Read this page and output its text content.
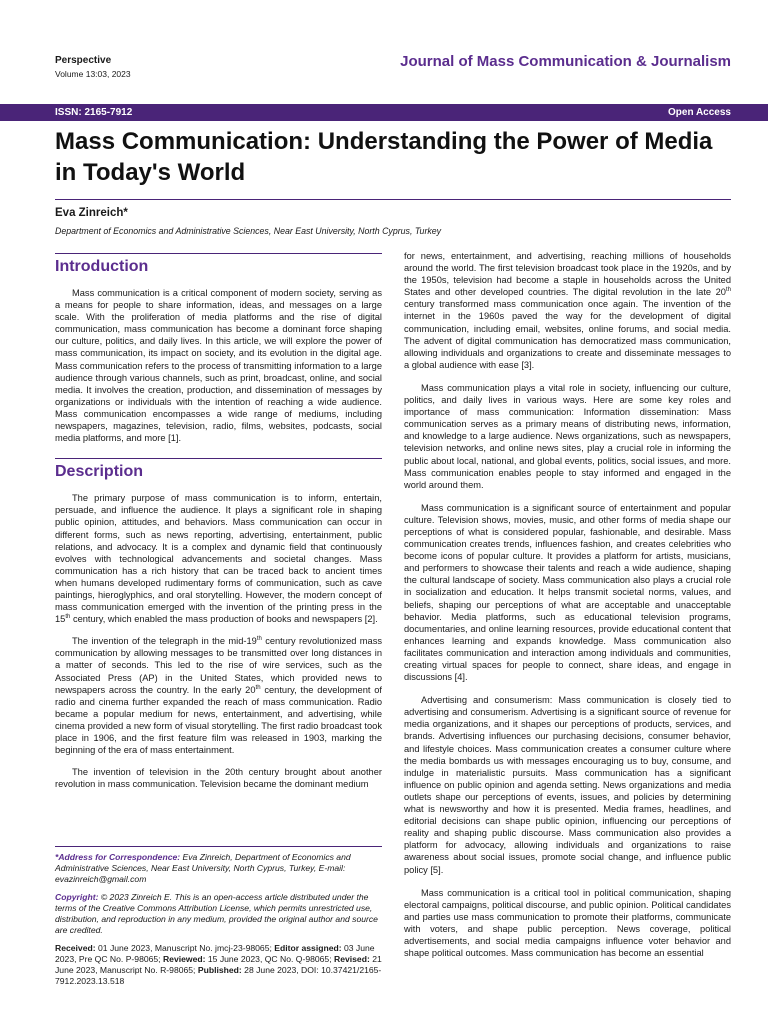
Perspective

Volume 13:03, 2023

Journal of Mass Communication & Journalism
ISSN: 2165-7912	Open Access
Mass Communication: Understanding the Power of Media in Today's World
Eva Zinreich*
Department of Economics and Administrative Sciences, Near East University, North Cyprus, Turkey
Introduction

Mass communication is a critical component of modern society, serving as a means for people to share information, ideas, and messages on a large scale. With the proliferation of media platforms and the rise of digital communication, mass communication has become a dominant force shaping our culture, politics, and daily lives. In this article, we will explore the power of mass communication, its impact on society, and its evolution in the digital age. Mass communication refers to the process of transmitting information to a large audience through various channels, such as print, broadcast, online, and social media. It involves the creation, production, and dissemination of messages by organizations or individuals with the intention of reaching a wide audience. Mass communication encompasses a wide range of mediums, including newspapers, magazines, television, radio, films, websites, podcasts, social media platforms, and more [1].

Description

The primary purpose of mass communication is to inform, entertain, persuade, and influence the audience. It plays a significant role in shaping public opinion, attitudes, and behaviors. Mass communication can occur in different forms, such as news reporting, advertising, entertainment, public relations, and advocacy. It is a complex and dynamic field that continuously evolves with technological advancements and societal changes. Mass communication has a rich history that can be traced back to ancient times when humans developed rudimentary forms of communication, such as cave paintings, hieroglyphics, and oral storytelling. However, the modern concept of mass communication emerged with the invention of the printing press in the 15th century, which enabled the mass production of books and newspapers [2].

The invention of the telegraph in the mid-19th century revolutionized mass communication by allowing messages to be transmitted over long distances in a matter of seconds. This led to the rise of wire services, such as the Associated Press (AP) in the United States, which provided news to newspapers across the country. In the early 20th century, the development of radio and cinema further expanded the reach of mass communication. Radio became a popular medium for news, entertainment, and advertising, while cinema provided a new form of visual storytelling. The first radio broadcast took place in 1906, and the first feature film was released in 1903, marking the beginning of the era of mass entertainment.

The invention of television in the 20th century brought about another revolution in mass communication. Television became the dominant medium

for news, entertainment, and advertising, reaching millions of households around the world. The first television broadcast took place in the 1920s, and by the 1950s, television had become a staple in households across the United States and other developed countries. The digital revolution in the late 20th century transformed mass communication once again. The invention of the internet in the 1960s paved the way for the development of digital communication, including email, websites, online forums, and social media. The advent of digital communication has democratized mass communication, allowing individuals and organizations to create and disseminate messages to a global audience with ease [3].

Mass communication plays a vital role in society, influencing our culture, politics, and daily lives in various ways. Here are some key roles and importance of mass communication: Information dissemination: Mass communication serves as a primary means of distributing news, information, and knowledge to a large audience. News organizations, such as newspapers, television networks, and online news sites, play a crucial role in informing the public about local, national, and global events, politics, social issues, and more. Mass communication enables people to stay informed and engaged in the world around them.

Mass communication is a significant source of entertainment and popular culture. Television shows, movies, music, and other forms of media shape our perceptions of what is considered popular, fashionable, and desirable. Mass communication creates trends, influences fashion, and creates celebrities who become icons of popular culture. It provides a platform for artists, musicians, and performers to showcase their talents and reach a wide audience, shaping the cultural landscape of society. Mass communication also plays a crucial role in socialization and education. It helps transmit societal norms, values, and beliefs, shaping our perceptions of what are acceptable and unacceptable behavior. Media platforms, such as educational television programs, documentaries, and online learning resources, provide educational content that enhances learning and expands knowledge. Mass communication also facilitates communication and interaction among individuals and communities, creating virtual spaces for people to connect, share ideas, and engage in discussions [4].

Advertising and consumerism: Mass communication is closely tied to advertising and consumerism. Advertising is a significant source of revenue for media organizations, and it shapes our perceptions of products, services, and brands. Advertising influences our purchasing decisions, consumer behavior, and lifestyle choices. Mass communication creates a consumer culture where the media bombards us with messages encouraging us to buy, consume, and indulge in materialistic pursuits. Mass communication has a significant influence on public opinion and agenda setting. News organizations and media outlets shape our perceptions of events, issues, and policies by determining what is newsworthy and how it is presented. Media frames, headlines, and editorial decisions can shape public opinion, influencing our perceptions of reality and shaping public discourse. Mass communication also provides a platform for advocacy, allowing individuals and organizations to raise awareness about social issues, promote social change, and influence public policy [5].

Mass communication is a critical tool in political communication, shaping electoral campaigns, political discourse, and public opinion. Political candidates and parties use mass communication to promote their platforms, communicate with voters, and shape public perception. News coverage, political advertisements, and social media campaigns influence voter behavior and shape political outcomes. Mass communication has become an essential

*Address for Correspondence: Eva Zinreich, Department of Economics and Administrative Sciences, Near East University, North Cyprus, Turkey, E-mail: evazinreich@gmail.com

Copyright: © 2023 Zinreich E. This is an open-access article distributed under the terms of the Creative Commons Attribution License, which permits unrestricted use, distribution, and reproduction in any medium, provided the original author and source are credited.

Received: 01 June 2023, Manuscript No. jmcj-23-98065; Editor assigned: 03 June 2023, Pre QC No. P-98065; Reviewed: 15 June 2023, QC No. Q-98065; Revised: 21 June 2023, Manuscript No. R-98065; Published: 28 June 2023, DOI: 10.37421/2165-7912.2023.13.518
